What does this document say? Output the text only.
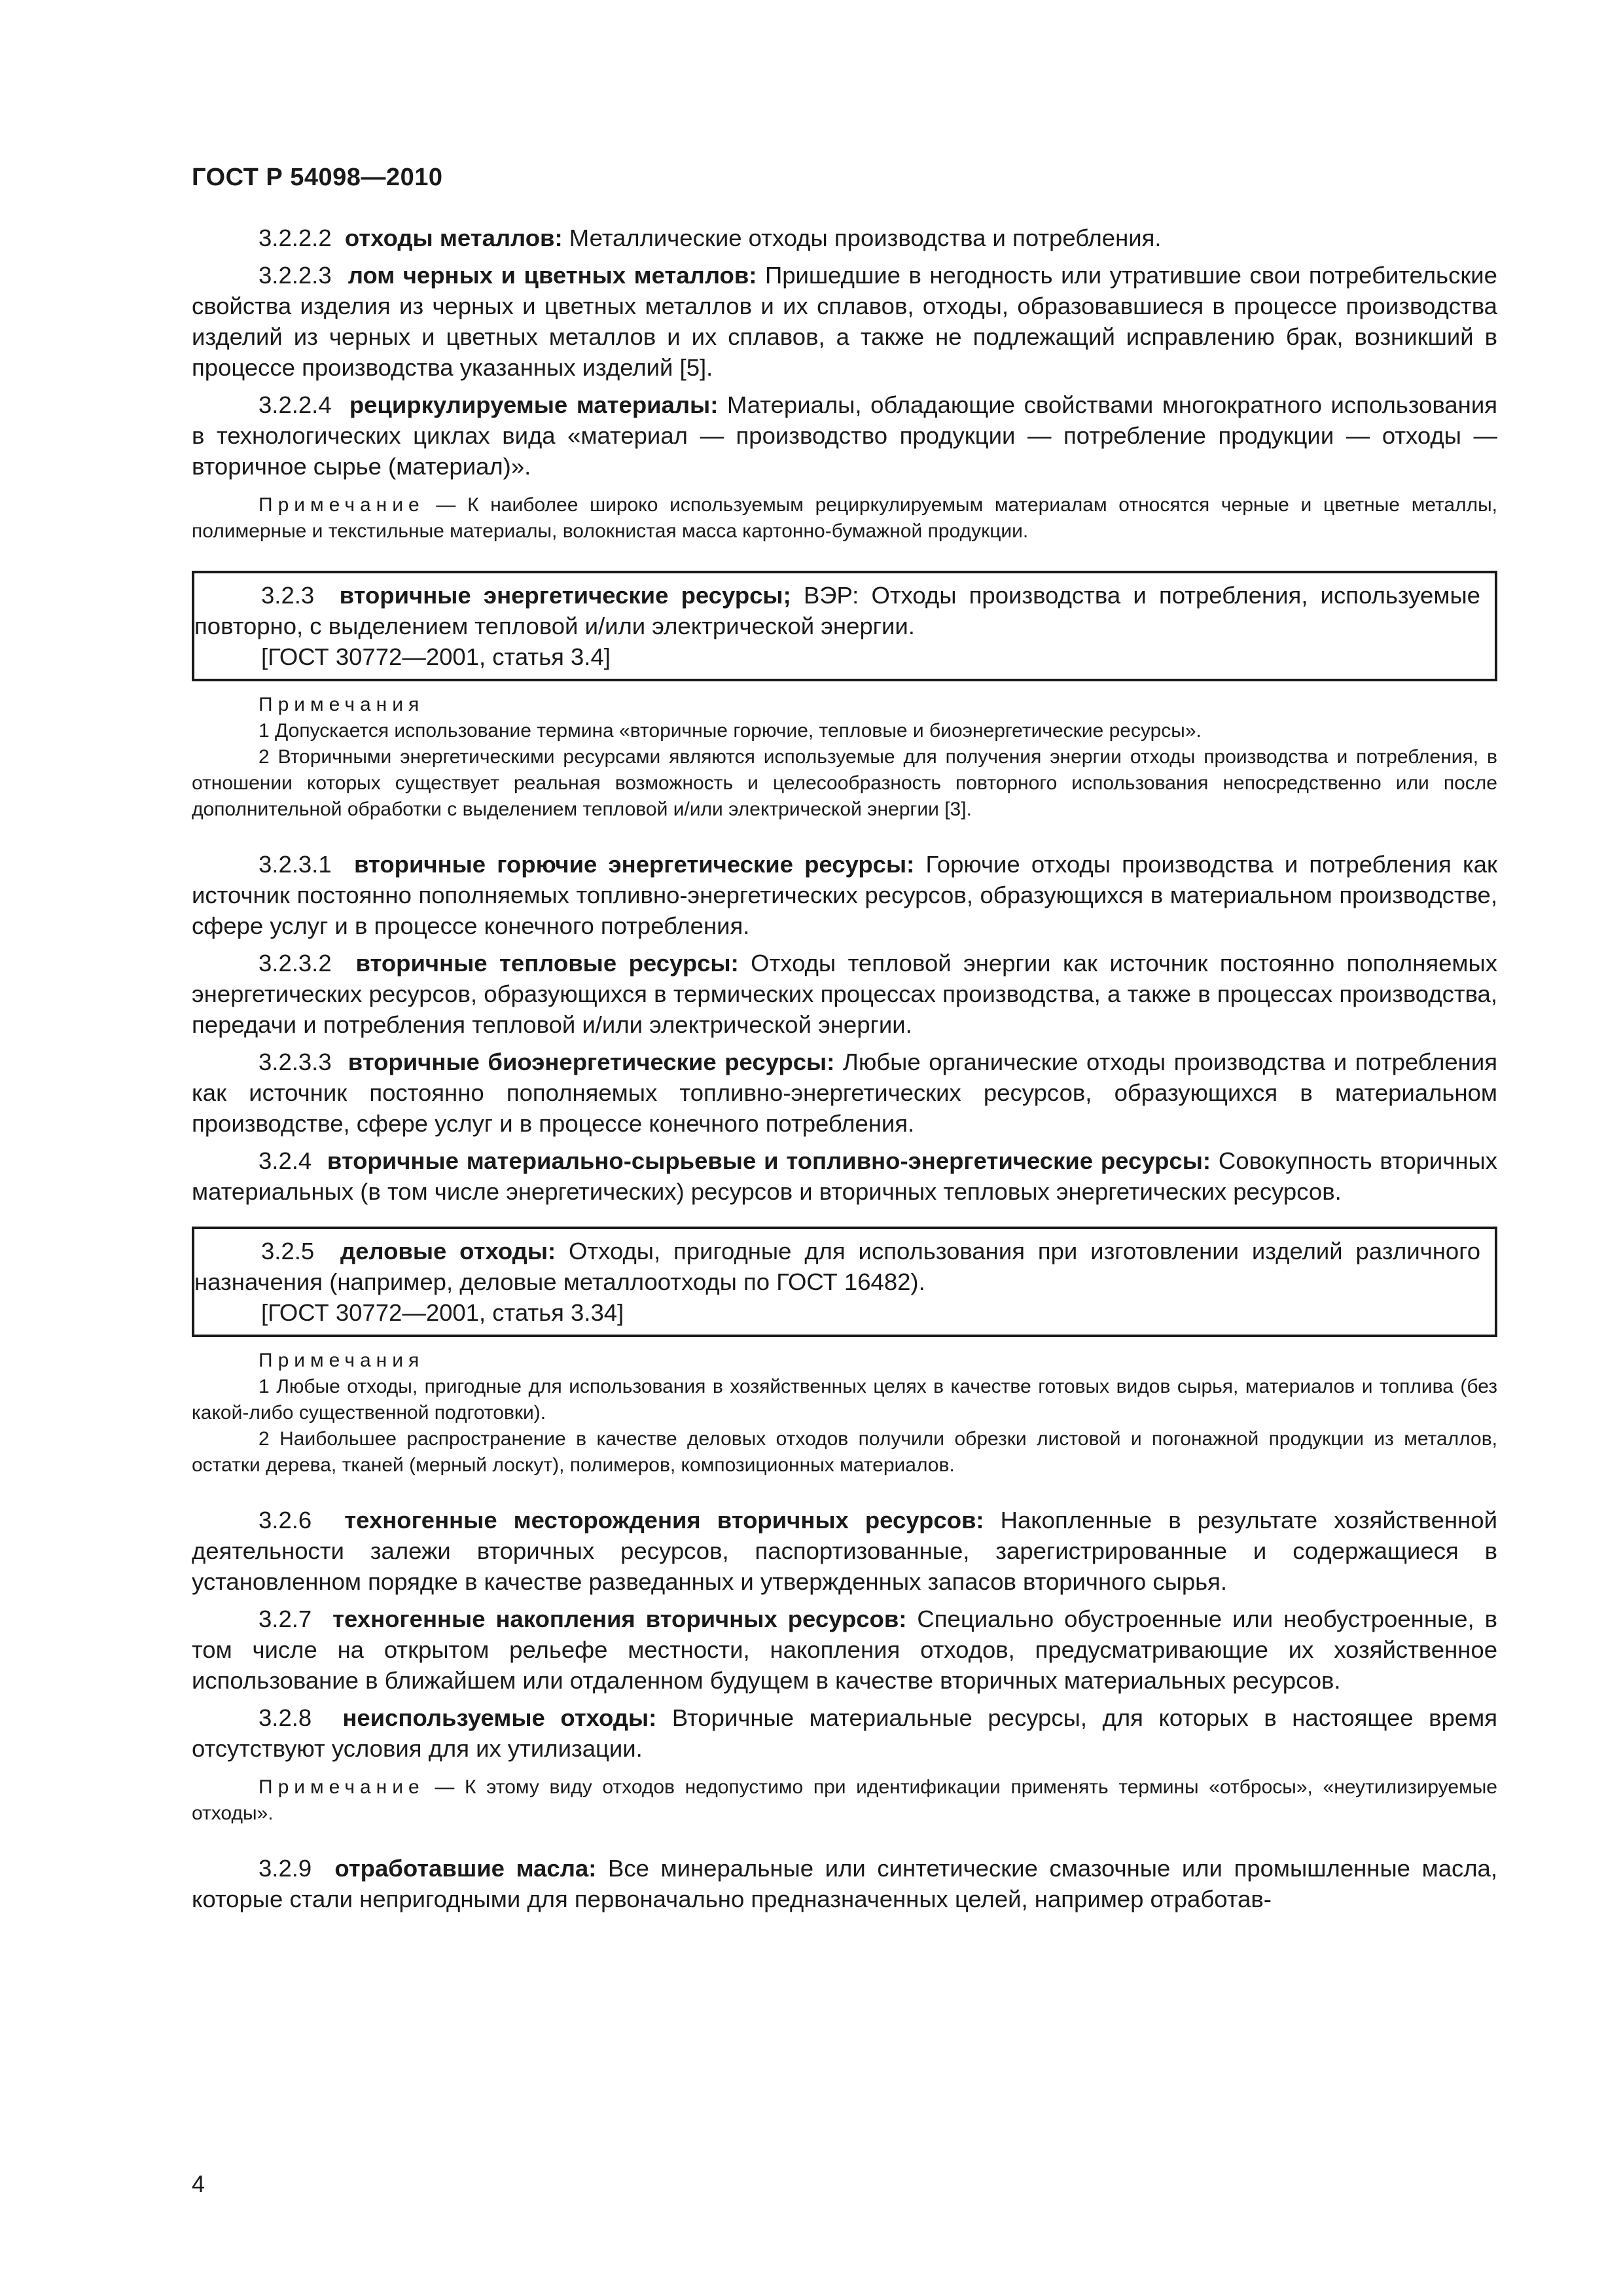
ГОСТ Р 54098—2010

3.2.2.2 отходы металлов: Металлические отходы производства и потребления.

3.2.2.3 лом черных и цветных металлов: Пришедшие в негодность или утратившие свои потребительские свойства изделия из черных и цветных металлов и их сплавов, отходы, образовавшиеся в процессе производства изделий из черных и цветных металлов и их сплавов, а также не подлежащий исправлению брак, возникший в процессе производства указанных изделий [5].

3.2.2.4 рециркулируемые материалы: Материалы, обладающие свойствами многократного использования в технологических циклах вида «материал — производство продукции — потребление продукции — отходы — вторичное сырье (материал)».

Примечание — К наиболее широко используемым рециркулируемым материалам относятся черные и цветные металлы, полимерные и текстильные материалы, волокнистая масса картонно-бумажной продукции.

3.2.3 вторичные энергетические ресурсы; ВЭР: Отходы производства и потребления, используемые повторно, с выделением тепловой и/или электрической энергии.

[ГОСТ 30772—2001, статья 3.4]
Примечания

1 Допускается использование термина «вторичные горючие, тепловые и биоэнергетические ресурсы».

2 Вторичными энергетическими ресурсами являются используемые для получения энергии отходы производства и потребления, в отношении которых существует реальная возможность и целесообразность повторного использования непосредственно или после дополнительной обработки с выделением тепловой и/или электрической энергии [3].

3.2.3.1 вторичные горючие энергетические ресурсы: Горючие отходы производства и потребления как источник постоянно пополняемых топливно-энергетических ресурсов, образующихся в материальном производстве, сфере услуг и в процессе конечного потребления.

3.2.3.2 вторичные тепловые ресурсы: Отходы тепловой энергии как источник постоянно пополняемых энергетических ресурсов, образующихся в термических процессах производства, а также в процессах производства, передачи и потребления тепловой и/или электрической энергии.

3.2.3.3 вторичные биоэнергетические ресурсы: Любые органические отходы производства и потребления как источник постоянно пополняемых топливно-энергетических ресурсов, образующихся в материальном производстве, сфере услуг и в процессе конечного потребления.

3.2.4 вторичные материально-сырьевые и топливно-энергетические ресурсы: Совокупность вторичных материальных (в том числе энергетических) ресурсов и вторичных тепловых энергетических ресурсов.

3.2.5 деловые отходы: Отходы, пригодные для использования при изготовлении изделий различного назначения (например, деловые металлоотходы по ГОСТ 16482).

[ГОСТ 30772—2001, статья 3.34]
Примечания

1 Любые отходы, пригодные для использования в хозяйственных целях в качестве готовых видов сырья, материалов и топлива (без какой-либо существенной подготовки).

2 Наибольшее распространение в качестве деловых отходов получили обрезки листовой и погонажной продукции из металлов, остатки дерева, тканей (мерный лоскут), полимеров, композиционных материалов.

3.2.6 техногенные месторождения вторичных ресурсов: Накопленные в результате хозяйственной деятельности залежи вторичных ресурсов, паспортизованные, зарегистрированные и содержащиеся в установленном порядке в качестве разведанных и утвержденных запасов вторичного сырья.

3.2.7 техногенные накопления вторичных ресурсов: Специально обустроенные или необустроенные, в том числе на открытом рельефе местности, накопления отходов, предусматривающие их хозяйственное использование в ближайшем или отдаленном будущем в качестве вторичных материальных ресурсов.

3.2.8 неиспользуемые отходы: Вторичные материальные ресурсы, для которых в настоящее время отсутствуют условия для их утилизации.

Примечание — К этому виду отходов недопустимо при идентификации применять термины «отбросы», «неутилизируемые отходы».

3.2.9 отработавшие масла: Все минеральные или синтетические смазочные или промышленные масла, которые стали непригодными для первоначально предназначенных целей, например отработав-

4
